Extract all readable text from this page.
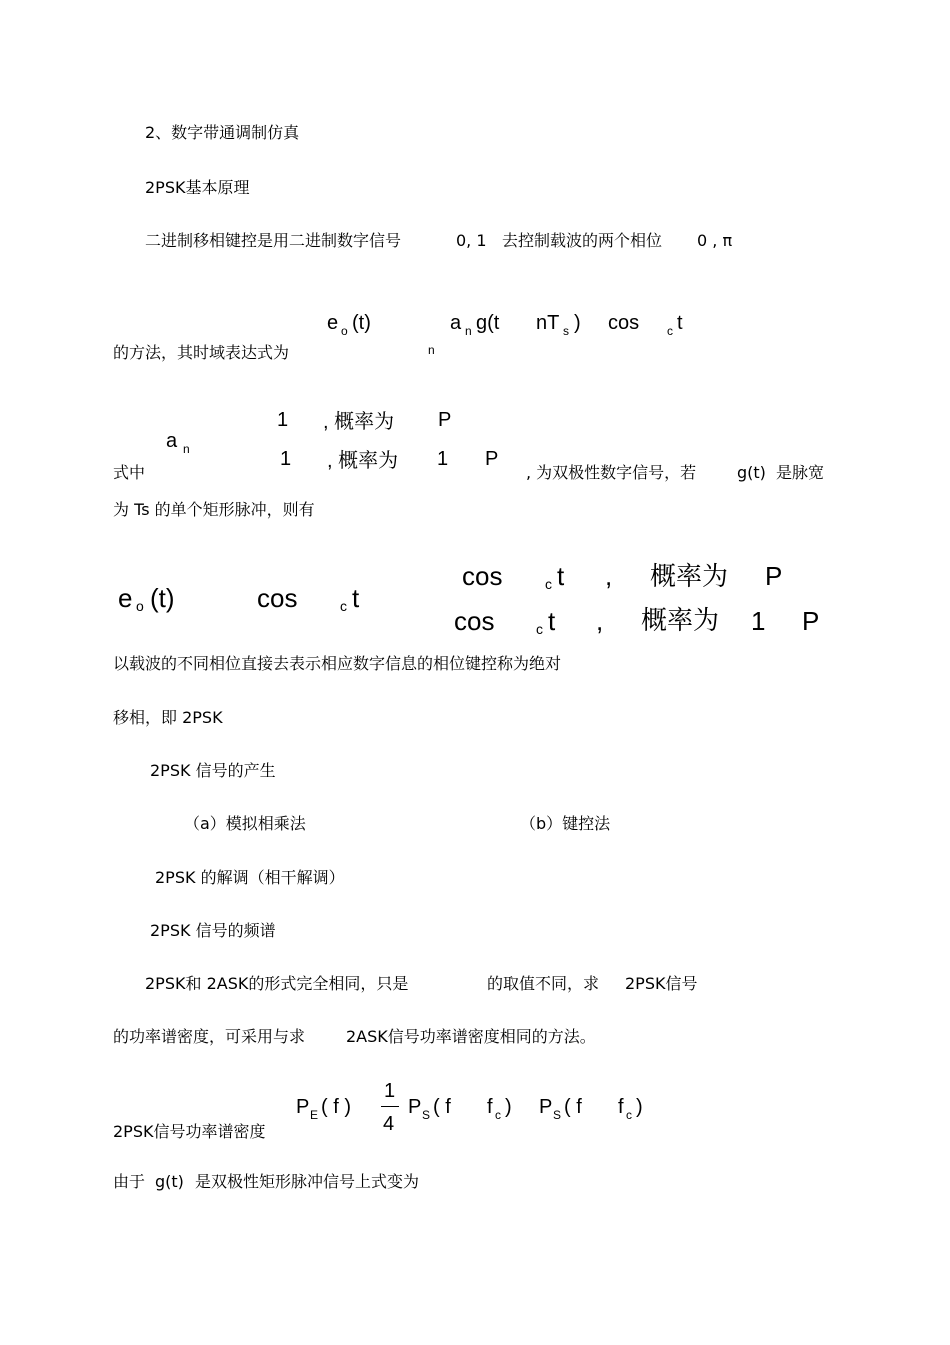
2、数字带通调制仿真
2PSK基本原理
二进制移相键控是用二进制数字信号	0, 1 去控制载波的两个相位 0 , π
e o (t)	a n g(t nT s ) cos c t
n
的方法，其时域表达式为
a n
1 , 概率为 P
1 , 概率为 1 P
式中	, 为双极性数字信号，若	g(t) 是脉宽
为 Ts 的单个矩形脉冲，则有
e o (t)	cos	c t
cos	c t , 概率为 P
cos	c t , 概率为 1 P
以载波的不同相位直接去表示相应数字信息的相位键控称为绝对
移相，即 2PSK
2PSK 信号的产生
（a）模拟相乘法	（b）键控法
2PSK 的解调（相干解调）
2PSK 信号的频谱
2PSK和 2ASK的形式完全相同，只是	的取值不同，求 2PSK信号
的功率谱密度，可采用与求	2ASK信号功率谱密度相同的方法。
P E ( f )
1
4
P S ( f f c ) P S ( f f c )
2PSK信号功率谱密度
由于 g(t) 是双极性矩形脉冲信号上式变为
